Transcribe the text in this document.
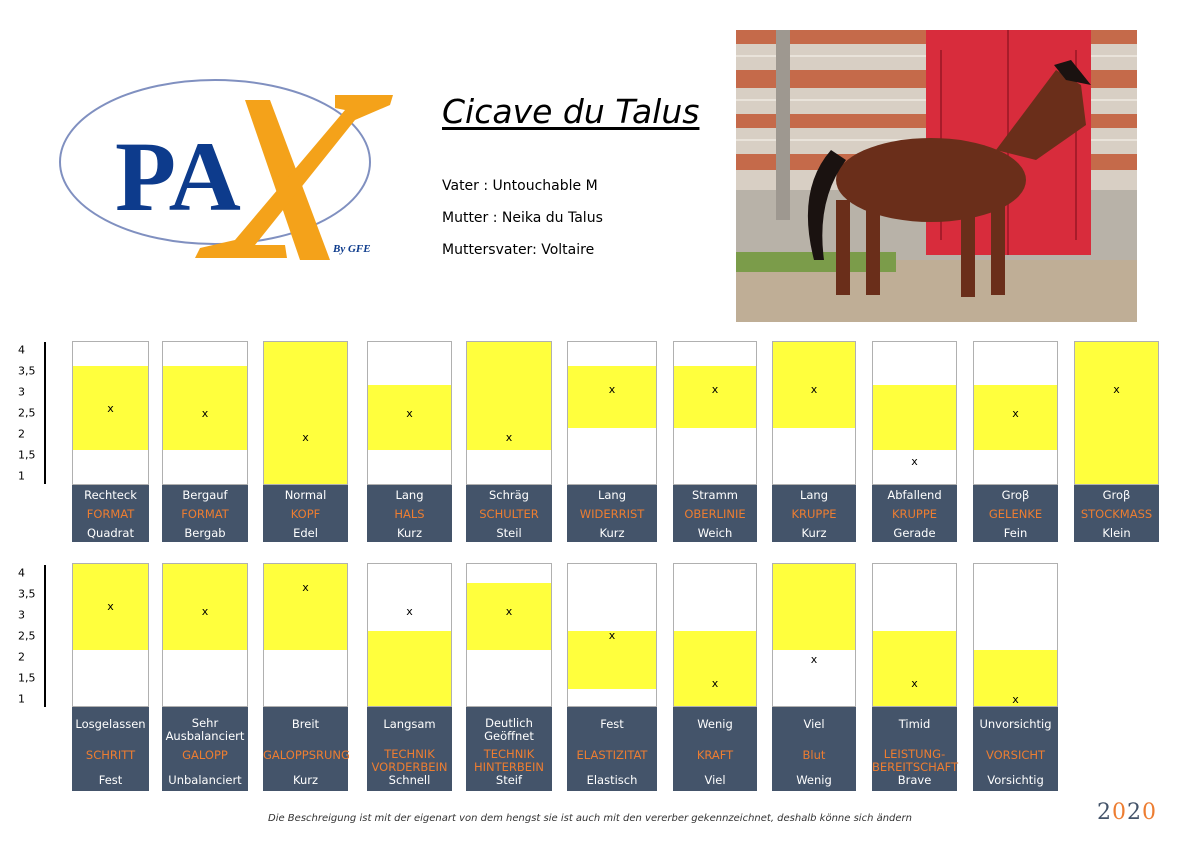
PA
By GFE
Cicave du Talus
Vater : Untouchable M
Mutter : Neika du Talus
Muttersvater: Voltaire
4
3,5
3
2,5
2
1,5
1
x
Rechteck
FORMAT
Quadrat
x
Bergauf
FORMAT
Bergab
x
Normal
KOPF
Edel
x
Lang
HALS
Kurz
x
Schräg
SCHULTER
Steil
x
Lang
WIDERRIST
Kurz
x
Stramm
OBERLINIE
Weich
x
Lang
KRUPPE
Kurz
x
Abfallend
KRUPPE
Gerade
x
Groβ
GELENKE
Fein
x
Groβ
STOCKMASS
Klein
4
3,5
3
2,5
2
1,5
1
x
Losgelassen
SCHRITT
Fest
x
Sehr Ausbalanciert
GALOPP
Unbalanciert
x
Breit
GALOPPSRUNG
Kurz
x
Langsam
TECHNIK VORDERBEIN
Schnell
x
Deutlich Geöffnet
TECHNIK HINTERBEIN
Steif
x
Fest
ELASTIZITAT
Elastisch
x
Wenig
KRAFT
Viel
x
Viel
Blut
Wenig
x
Timid
LEISTUNG-
BEREITSCHAFT
Brave
x
Unvorsichtig
VORSICHT
Vorsichtig
Die Beschreigung ist mit der eigenart von dem hengst sie ist auch mit den vererber gekennzeichnet, deshalb könne sich ändern	2020
